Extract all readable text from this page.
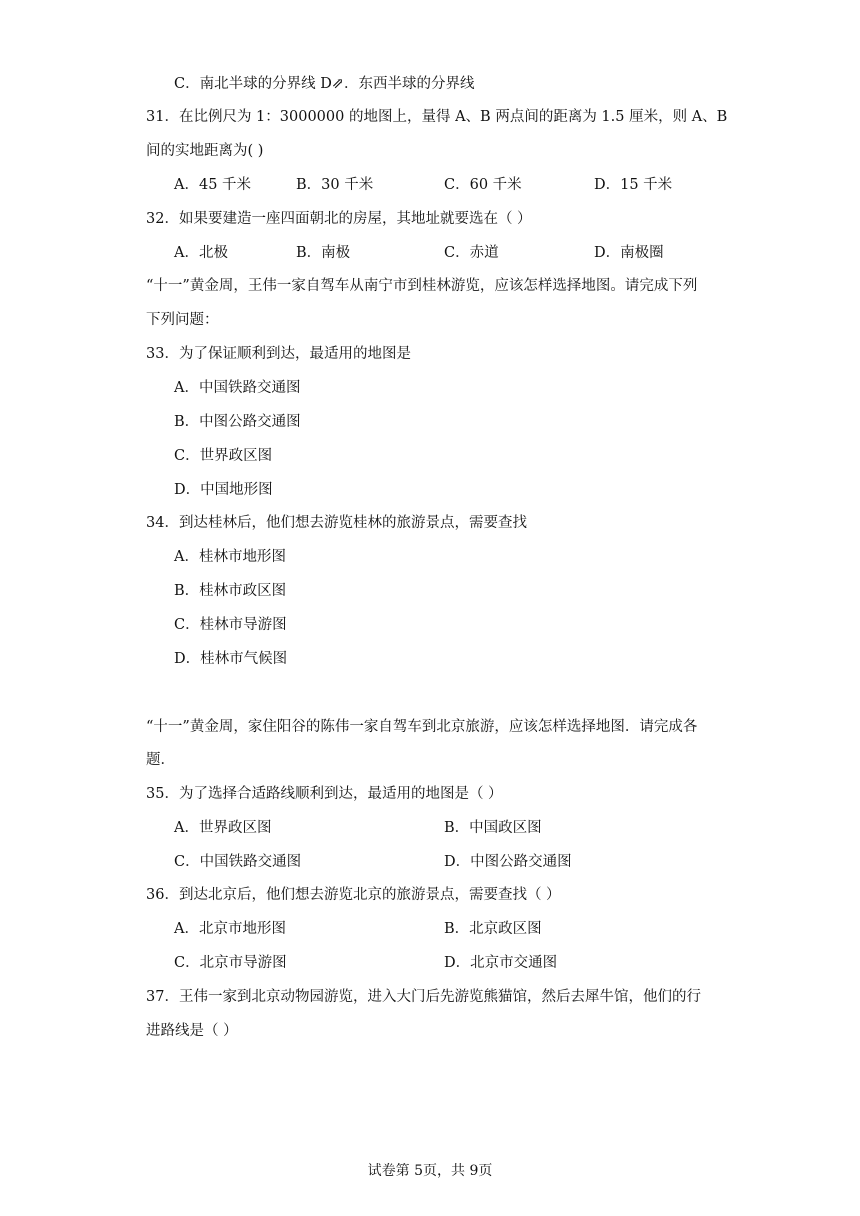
C．南北半球的分界线 D⇗．东西半球的分界线
31．在比例尺为 1：3000000 的地图上，量得 A、B 两点间的距离为 1.5 厘米，则 A、B
间的实地距离为( )
A．45 千米	B．30 千米	C．60 千米	D．15 千米
32．如果要建造一座四面朝北的房屋，其地址就要选在（ ）
A．北极	B．南极	C．赤道	D．南极圈
“十一”黄金周，王伟一家自驾车从南宁市到桂林游览，应该怎样选择地图。请完成下列
下列问题：
33．为了保证顺利到达，最适用的地图是
A．中国铁路交通图
B．中图公路交通图
C．世界政区图
D．中国地形图
34．到达桂林后，他们想去游览桂林的旅游景点，需要查找
A．桂林市地形图
B．桂林市政区图
C．桂林市导游图
D．桂林市气候图
“十一”黄金周，家住阳谷的陈伟一家自驾车到北京旅游，应该怎样选择地图．请完成各
题．
35．为了选择合适路线顺利到达，最适用的地图是（ ）
A．世界政区图	B．中国政区图
C．中国铁路交通图	D．中图公路交通图
36．到达北京后，他们想去游览北京的旅游景点，需要查找（ ）
A．北京市地形图	B．北京政区图
C．北京市导游图	D．北京市交通图
37．王伟一家到北京动物园游览，进入大门后先游览熊猫馆，然后去犀牛馆，他们的行
进路线是（ ）
试卷第 5页，共 9页
